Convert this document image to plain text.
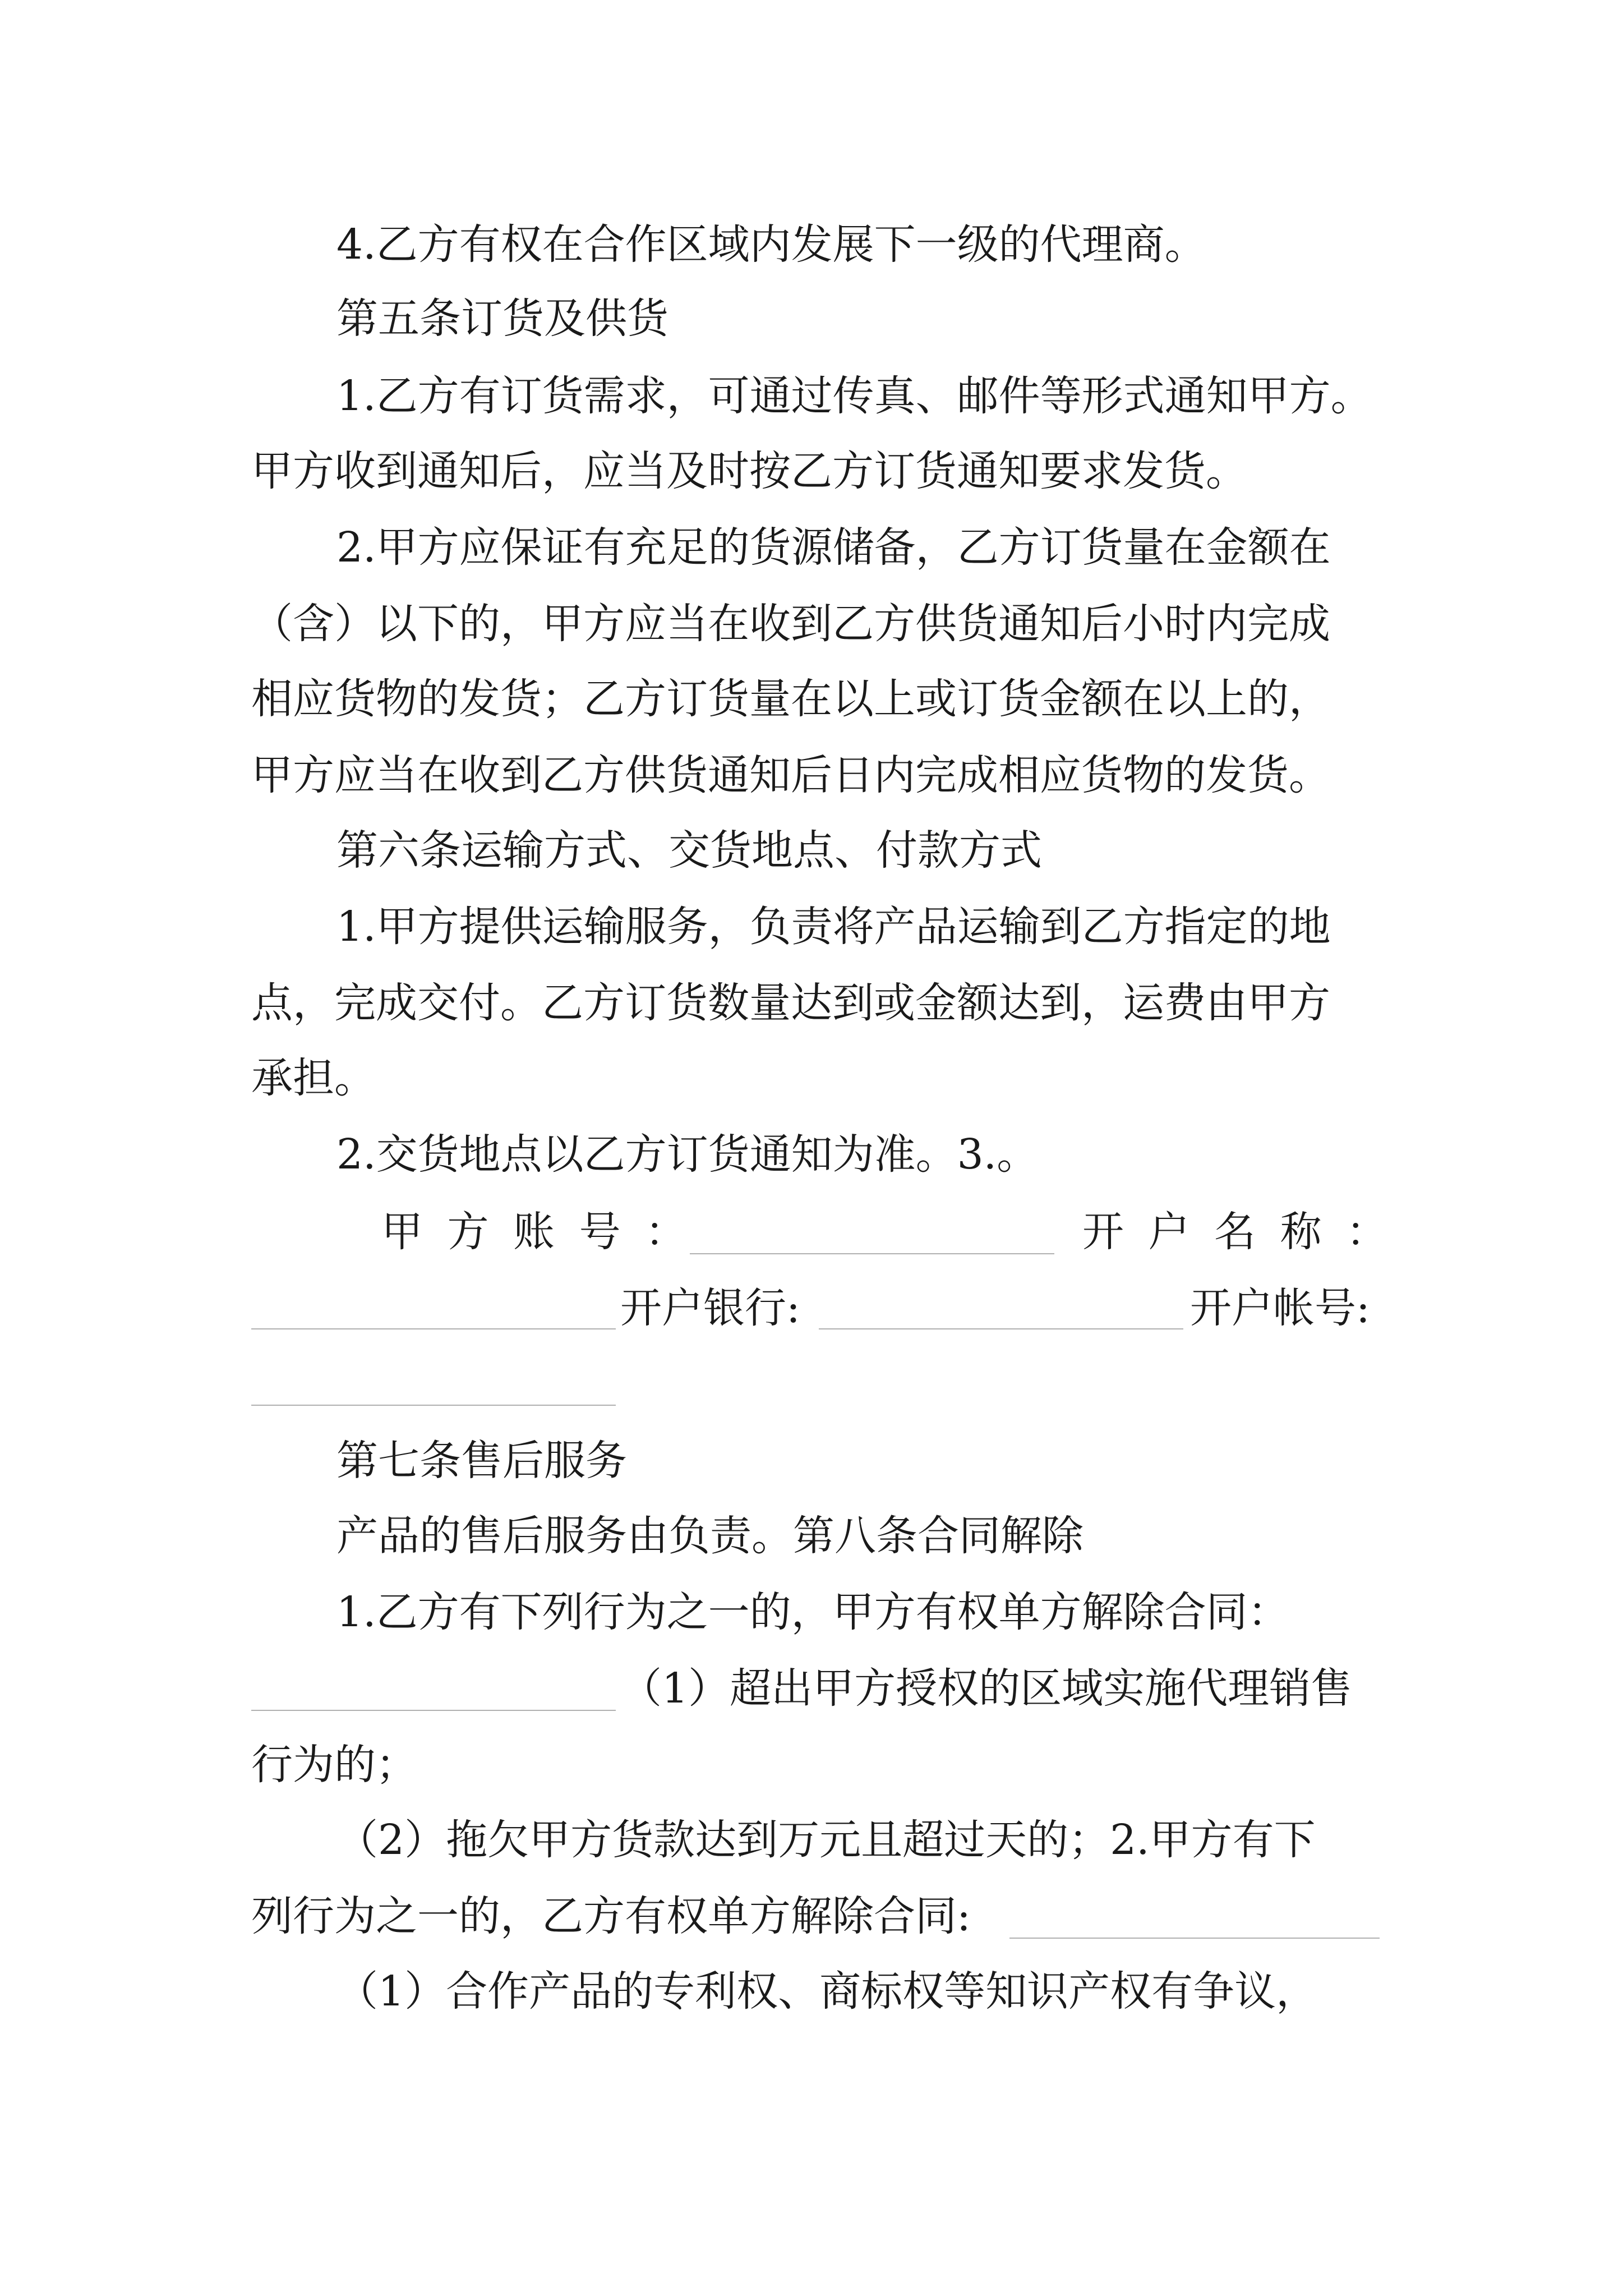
4.乙方有权在合作区域内发展下一级的代理商。
第五条订货及供货
1.乙方有订货需求，可通过传真、邮件等形式通知甲方。
甲方收到通知后，应当及时按乙方订货通知要求发货。
2.甲方应保证有充足的货源储备，乙方订货量在金额在
（含）以下的，甲方应当在收到乙方供货通知后小时内完成
相应货物的发货；乙方订货量在以上或订货金额在以上的，
甲方应当在收到乙方供货通知后日内完成相应货物的发货。
第六条运输方式、交货地点、付款方式
1.甲方提供运输服务，负责将产品运输到乙方指定的地
点，完成交付。乙方订货数量达到或金额达到，运费由甲方
承担。
2.交货地点以乙方订货通知为准。3.。
甲 方 账 号 ：	开 户 名 称 ：
开户银行:	开户帐号:
第七条售后服务
产品的售后服务由负责。第八条合同解除
1.乙方有下列行为之一的，甲方有权单方解除合同：
（1）超出甲方授权的区域实施代理销售
行为的；
（2）拖欠甲方货款达到万元且超过天的；2.甲方有下
列行为之一的，乙方有权单方解除合同:
（1）合作产品的专利权、商标权等知识产权有争议，
